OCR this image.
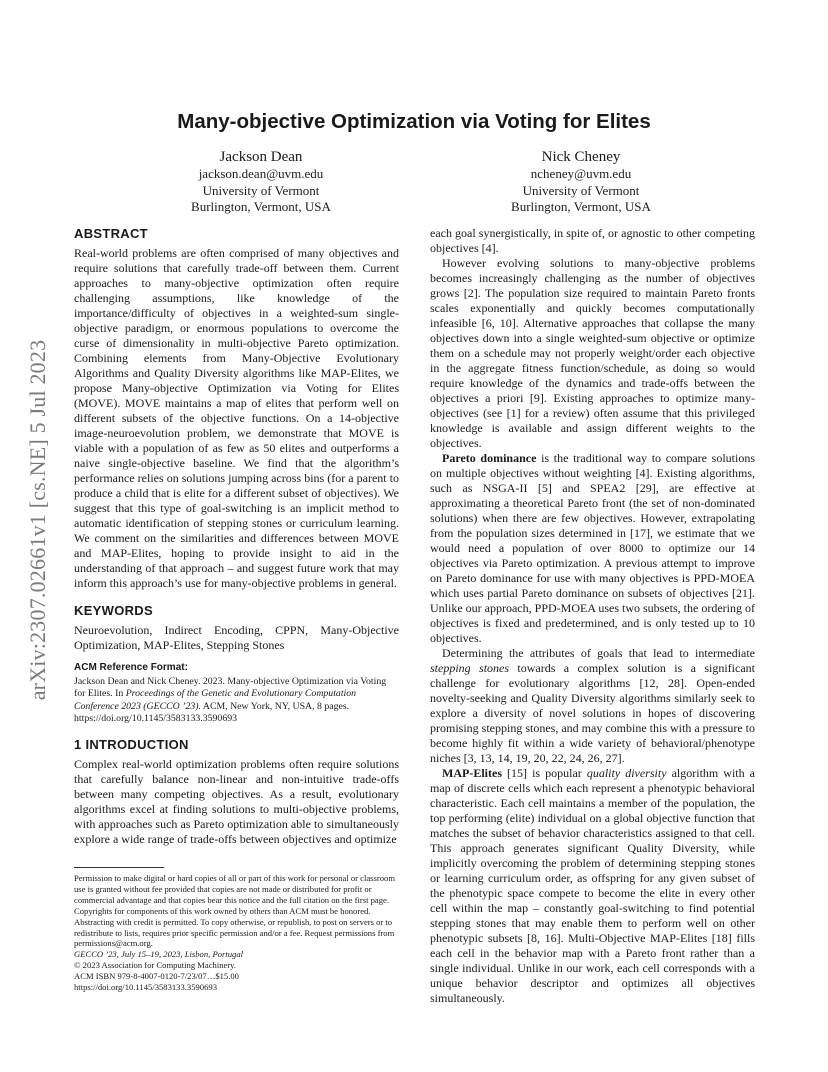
arXiv:2307.02661v1 [cs.NE] 5 Jul 2023
Many-objective Optimization via Voting for Elites
Jackson Dean
jackson.dean@uvm.edu
University of Vermont
Burlington, Vermont, USA
Nick Cheney
ncheney@uvm.edu
University of Vermont
Burlington, Vermont, USA
ABSTRACT

Real-world problems are often comprised of many objectives and require solutions that carefully trade-off between them. Current approaches to many-objective optimization often require challenging assumptions, like knowledge of the importance/difficulty of objectives in a weighted-sum single-objective paradigm, or enormous populations to overcome the curse of dimensionality in multi-objective Pareto optimization. Combining elements from Many-Objective Evolutionary Algorithms and Quality Diversity algorithms like MAP-Elites, we propose Many-objective Optimization via Voting for Elites (MOVE). MOVE maintains a map of elites that perform well on different subsets of the objective functions. On a 14-objective image-neuroevolution problem, we demonstrate that MOVE is viable with a population of as few as 50 elites and outperforms a naive single-objective baseline. We find that the algorithm’s performance relies on solutions jumping across bins (for a parent to produce a child that is elite for a different subset of objectives). We suggest that this type of goal-switching is an implicit method to automatic identification of stepping stones or curriculum learning. We comment on the similarities and differences between MOVE and MAP-Elites, hoping to provide insight to aid in the understanding of that approach – and suggest future work that may inform this approach’s use for many-objective problems in general.

KEYWORDS

Neuroevolution, Indirect Encoding, CPPN, Many-Objective Optimization, MAP-Elites, Stepping Stones

ACM Reference Format:
Jackson Dean and Nick Cheney. 2023. Many-objective Optimization via Voting for Elites. In Proceedings of the Genetic and Evolutionary Computation Conference 2023 (GECCO ’23). ACM, New York, NY, USA, 8 pages. https://doi.org/10.1145/3583133.3590693
1 INTRODUCTION

Complex real-world optimization problems often require solutions that carefully balance non-linear and non-intuitive trade-offs between many competing objectives. As a result, evolutionary algorithms excel at finding solutions to multi-objective problems, with approaches such as Pareto optimization able to simultaneously explore a wide range of trade-offs between objectives and optimize

Permission to make digital or hard copies of all or part of this work for personal or classroom use is granted without fee provided that copies are not made or distributed for profit or commercial advantage and that copies bear this notice and the full citation on the first page. Copyrights for components of this work owned by others than ACM must be honored. Abstracting with credit is permitted. To copy otherwise, or republish, to post on servers or to redistribute to lists, requires prior specific permission and/or a fee. Request permissions from permissions@acm.org.
GECCO ’23, July 15–19, 2023, Lisbon, Portugal
© 2023 Association for Computing Machinery.
ACM ISBN 979-8-4007-0120-7/23/07…$15.00
https://doi.org/10.1145/3583133.3590693

each goal synergistically, in spite of, or agnostic to other competing objectives [4].

However evolving solutions to many-objective problems becomes increasingly challenging as the number of objectives grows [2]. The population size required to maintain Pareto fronts scales exponentially and quickly becomes computationally infeasible [6, 10]. Alternative approaches that collapse the many objectives down into a single weighted-sum objective or optimize them on a schedule may not properly weight/order each objective in the aggregate fitness function/schedule, as doing so would require knowledge of the dynamics and trade-offs between the objectives a priori [9]. Existing approaches to optimize many-objectives (see [1] for a review) often assume that this privileged knowledge is available and assign different weights to the objectives.

Pareto dominance is the traditional way to compare solutions on multiple objectives without weighting [4]. Existing algorithms, such as NSGA-II [5] and SPEA2 [29], are effective at approximating a theoretical Pareto front (the set of non-dominated solutions) when there are few objectives. However, extrapolating from the population sizes determined in [17], we estimate that we would need a population of over 8000 to optimize our 14 objectives via Pareto optimization. A previous attempt to improve on Pareto dominance for use with many objectives is PPD-MOEA which uses partial Pareto dominance on subsets of objectives [21]. Unlike our approach, PPD-MOEA uses two subsets, the ordering of objectives is fixed and predetermined, and is only tested up to 10 objectives.

Determining the attributes of goals that lead to intermediate stepping stones towards a complex solution is a significant challenge for evolutionary algorithms [12, 28]. Open-ended novelty-seeking and Quality Diversity algorithms similarly seek to explore a diversity of novel solutions in hopes of discovering promising stepping stones, and may combine this with a pressure to become highly fit within a wide variety of behavioral/phenotype niches [3, 13, 14, 19, 20, 22, 24, 26, 27].

MAP-Elites [15] is popular quality diversity algorithm with a map of discrete cells which each represent a phenotypic behavioral characteristic. Each cell maintains a member of the population, the top performing (elite) individual on a global objective function that matches the subset of behavior characteristics assigned to that cell. This approach generates significant Quality Diversity, while implicitly overcoming the problem of determining stepping stones or learning curriculum order, as offspring for any given subset of the phenotypic space compete to become the elite in every other cell within the map – constantly goal-switching to find potential stepping stones that may enable them to perform well on other phenotypic subsets [8, 16]. Multi-Objective MAP-Elites [18] fills each cell in the behavior map with a Pareto front rather than a single individual. Unlike in our work, each cell corresponds with a unique behavior descriptor and optimizes all objectives simultaneously.
